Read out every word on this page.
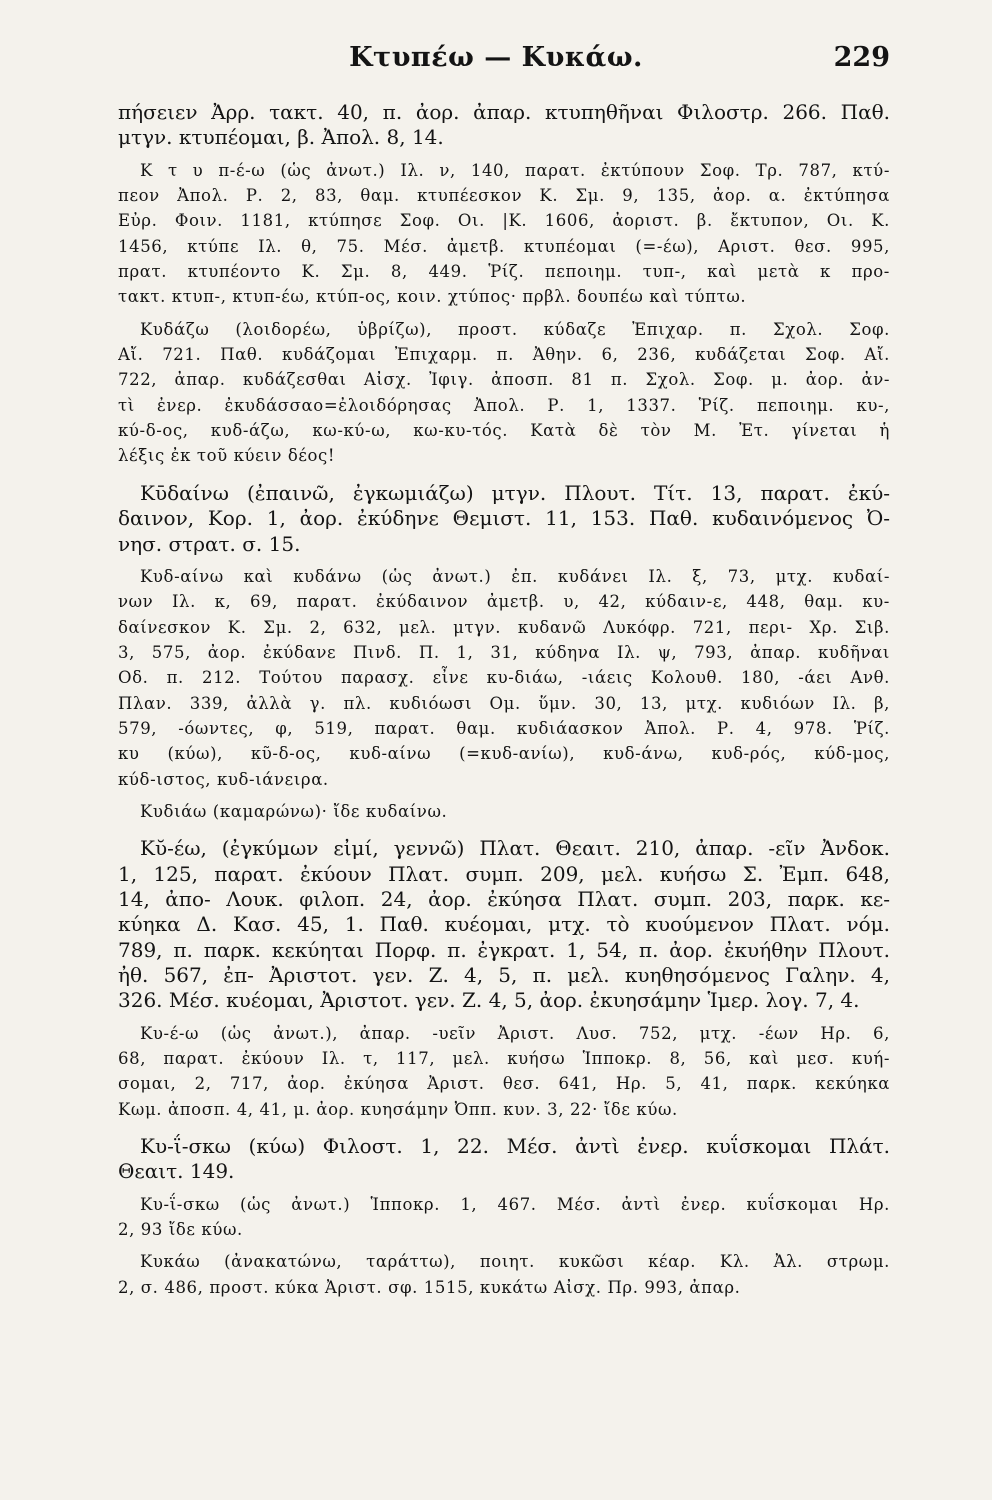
Κτυπέω — Κυκάω.	229
πήσειεν Ἀρρ. τακτ. 40, π. ἀορ. ἀπαρ. κτυπηθῆναι Φιλοστρ. 266. Παθ.
μτγν. κτυπέομαι, β. Ἀπολ. 8, 14.
Κ τ υ π-έ-ω (ὡς ἀνωτ.) Ιλ. ν, 140, παρατ. ἐκτύπουν Σοφ. Τρ. 787, κτύ-
πεον Ἀπολ. Ρ. 2, 83, θαμ. κτυπέεσκον Κ. Σμ. 9, 135, ἀορ. α. ἐκτύπησα
Εὐρ. Φοιν. 1181, κτύπησε Σοφ. Οι. |Κ. 1606, ἀοριστ. β. ἔκτυπον, Οι. Κ.
1456, κτύπε Ιλ. θ, 75. Μέσ. ἀμετβ. κτυπέομαι (=-έω), Αριστ. θεσ. 995,
πρατ. κτυπέοντο Κ. Σμ. 8, 449. Ῥίζ. πεποιημ. τυπ-, καὶ μετὰ κ προ-
τακτ. κτυπ-, κτυπ-έω, κτύπ-ος, κοιν. χτύπος· πρβλ. δουπέω καὶ τύπτω.
Κυδάζω (λοιδορέω, ὑβρίζω), προστ. κύδαζε Ἐπιχαρ. π. Σχολ. Σοφ.
Αἴ. 721. Παθ. κυδάζομαι Ἐπιχαρμ. π. Ἀθην. 6, 236, κυδάζεται Σοφ. Αἴ.
722, ἀπαρ. κυδάζεσθαι Αἰσχ. Ἰφιγ. ἀποσπ. 81 π. Σχολ. Σοφ. μ. ἀορ. ἀν-
τὶ ἐνερ. ἐκυδάσσαο=ἐλοιδόρησας Ἀπολ. Ρ. 1, 1337. Ῥίζ. πεποιημ. κυ-,
κύ-δ-ος, κυδ-άζω, κω-κύ-ω, κω-κυ-τός. Κατὰ δὲ τὸν Μ. Ἐτ. γίνεται ἡ
λέξις ἐκ τοῦ κύειν δέος!
Κῡδαίνω (ἐπαινῶ, ἐγκωμιάζω) μτγν. Πλουτ. Τίτ. 13, παρατ. ἐκύ-
δαινον, Κορ. 1, ἀορ. ἐκύδηνε Θεμιστ. 11, 153. Παθ. κυδαινόμενος Ὀ-
νησ. στρατ. σ. 15.
Κυδ-αίνω καὶ κυδάνω (ὡς ἀνωτ.) ἐπ. κυδάνει Ιλ. ξ, 73, μτχ. κυδαί-
νων Ιλ. κ, 69, παρατ. ἐκύδαινον ἀμετβ. υ, 42, κύδαιν-ε, 448, θαμ. κυ-
δαίνεσκον Κ. Σμ. 2, 632, μελ. μτγν. κυδανῶ Λυκόφρ. 721, περι- Χρ. Σιβ.
3, 575, ἀορ. ἐκύδανε Πινδ. Π. 1, 31, κύδηνα Ιλ. ψ, 793, ἀπαρ. κυδῆναι
Οδ. π. 212. Τούτου παρασχ. εἶνε κυ-διάω, -ιάεις Κολουθ. 180, -άει Ανθ.
Πλαν. 339, ἀλλὰ γ. πλ. κυδιόωσι Ομ. ὕμν. 30, 13, μτχ. κυδιόων Ιλ. β,
579, -όωντες, φ, 519, παρατ. θαμ. κυδιάασκον Ἀπολ. Ρ. 4, 978. Ῥίζ.
κυ (κύω), κῦ-δ-ος, κυδ-αίνω (=κυδ-ανίω), κυδ-άνω, κυδ-ρός, κύδ-μος,
κύδ-ιστος, κυδ-ιάνειρα.
Κυδιάω (καμαρώνω)· ἴδε κυδαίνω.
Κῠ-έω, (ἐγκύμων εἰμί, γεννῶ) Πλατ. Θεαιτ. 210, ἀπαρ. -εῖν Ἀνδοκ.
1, 125, παρατ. ἐκύουν Πλατ. συμπ. 209, μελ. κυήσω Σ. Ἐμπ. 648,
14, ἀπο- Λουκ. φιλοπ. 24, ἀορ. ἐκύησα Πλατ. συμπ. 203, παρκ. κε-
κύηκα Δ. Κασ. 45, 1. Παθ. κυέομαι, μτχ. τὸ κυούμενον Πλατ. νόμ.
789, π. παρκ. κεκύηται Πορφ. π. ἐγκρατ. 1, 54, π. ἀορ. ἐκυήθην Πλουτ.
ἠθ. 567, ἐπ- Ἀριστοτ. γεν. Ζ. 4, 5, π. μελ. κυηθησόμενος Γαλην. 4,
326. Μέσ. κυέομαι, Ἀριστοτ. γεν. Ζ. 4, 5, ἀορ. ἐκυησάμην Ἱμερ. λογ. 7, 4.
Κυ-έ-ω (ὡς ἀνωτ.), ἀπαρ. -υεῖν Ἀριστ. Λυσ. 752, μτχ. -έων Ηρ. 6,
68, παρατ. ἐκύουν Ιλ. τ, 117, μελ. κυήσω Ἱπποκρ. 8, 56, καὶ μεσ. κυή-
σομαι, 2, 717, ἀορ. ἐκύησα Ἀριστ. θεσ. 641, Ηρ. 5, 41, παρκ. κεκύηκα
Κωμ. ἀποσπ. 4, 41, μ. ἀορ. κυησάμην Ὀππ. κυν. 3, 22· ἴδε κύω.
Κυ-ΐ-σκω (κύω) Φιλοστ. 1, 22. Μέσ. ἀντὶ ἐνερ. κυΐσκομαι Πλάτ.
Θεαιτ. 149.
Κυ-ΐ-σκω (ὡς ἀνωτ.) Ἱπποκρ. 1, 467. Μέσ. ἀντὶ ἐνερ. κυΐσκομαι Ηρ.
2, 93 ἴδε κύω.
Κυκάω (ἀνακατώνω, ταράττω), ποιητ. κυκῶσι κέαρ. Κλ. Ἀλ. στρωμ.
2, σ. 486, προστ. κύκα Ἀριστ. σφ. 1515, κυκάτω Αἰσχ. Πρ. 993, ἀπαρ.
